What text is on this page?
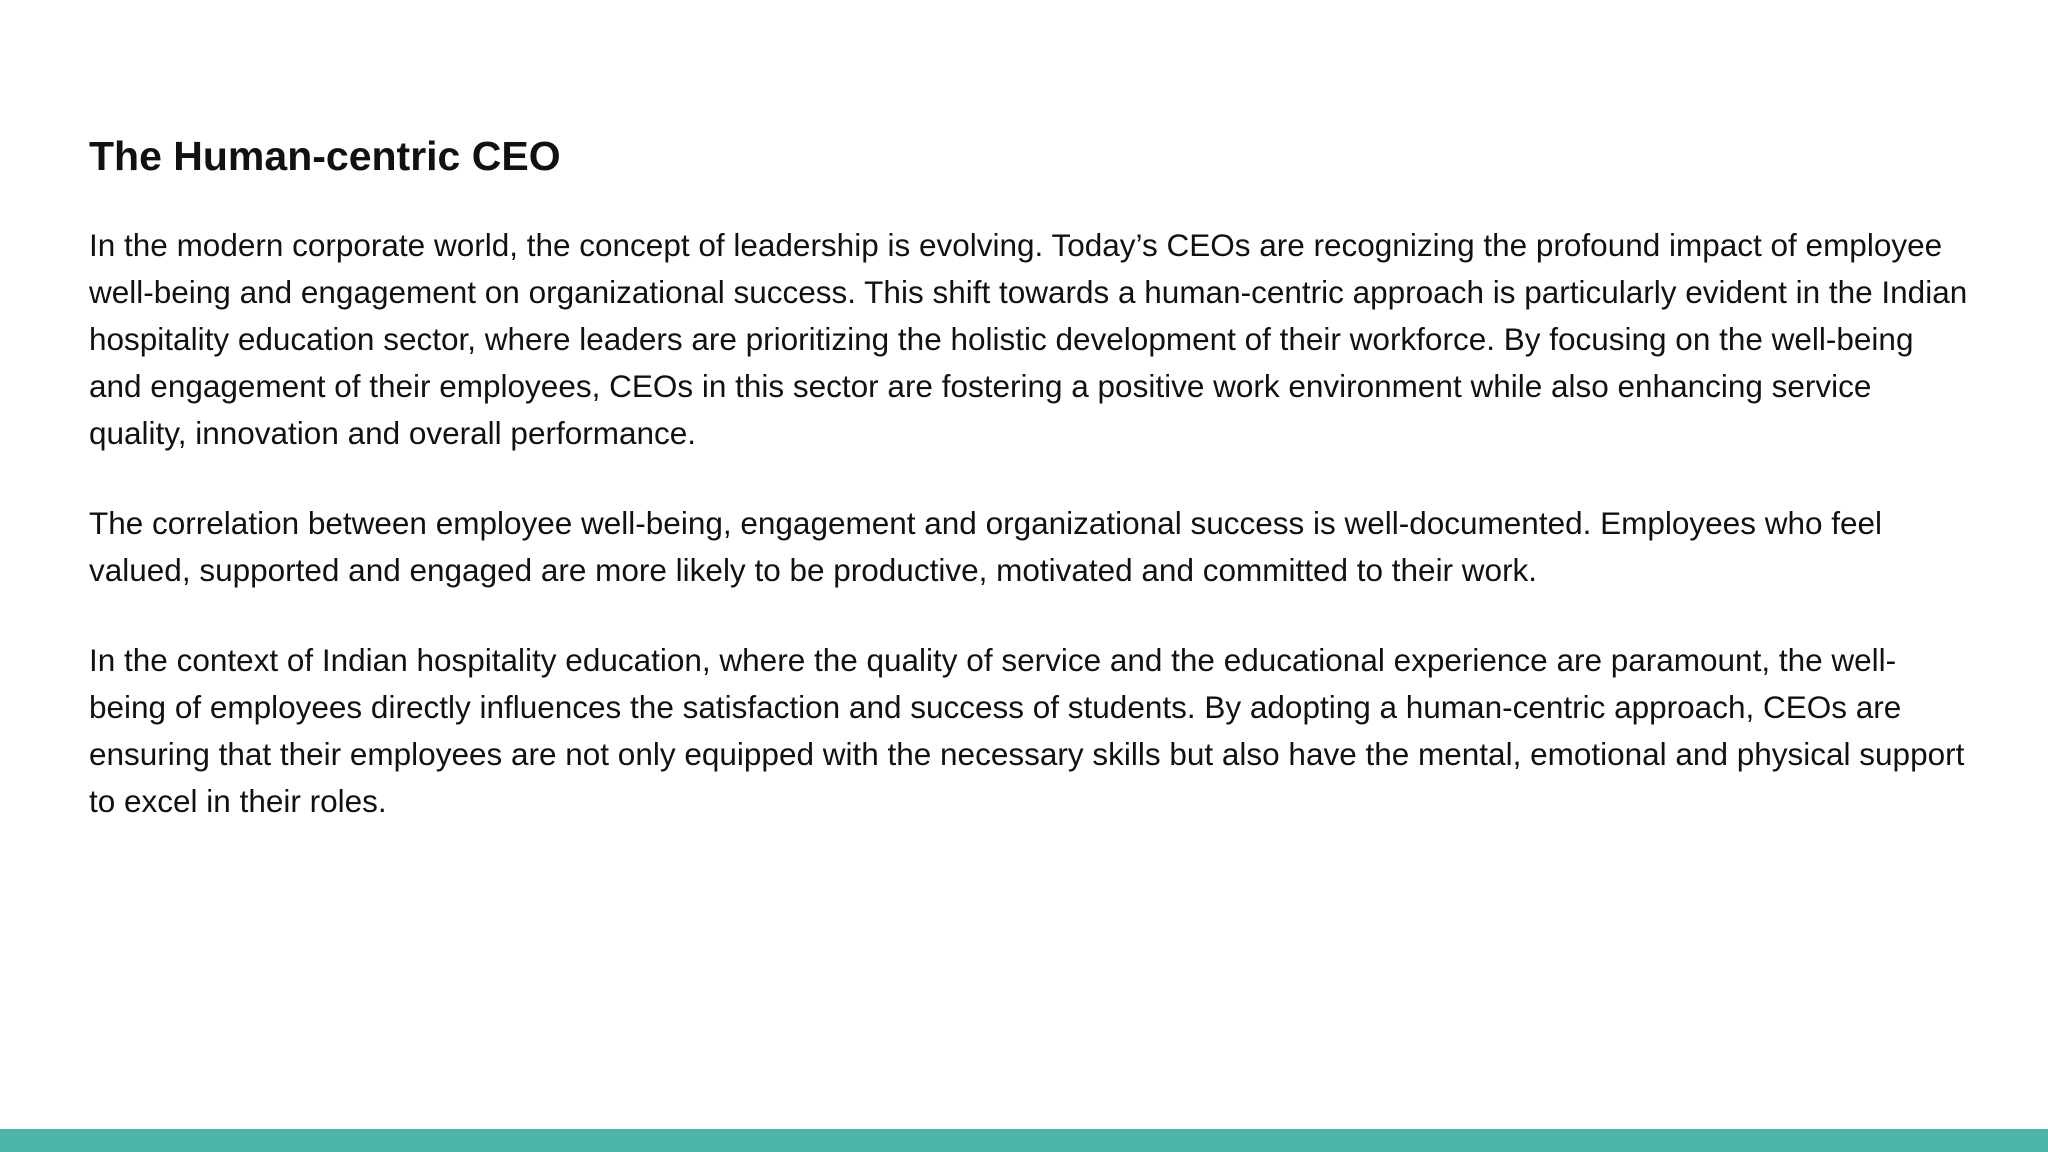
The Human-centric CEO

In the modern corporate world, the concept of leadership is evolving. Today’s CEOs are recognizing the profound impact of employee well-being and engagement on organizational success. This shift towards a human-centric approach is particularly evident in the Indian hospitality education sector, where leaders are prioritizing the holistic development of their workforce. By focusing on the well-being and engagement of their employees, CEOs in this sector are fostering a positive work environment while also enhancing service quality, innovation and overall performance.

The correlation between employee well-being, engagement and organizational success is well-documented. Employees who feel valued, supported and engaged are more likely to be productive, motivated and committed to their work.

In the context of Indian hospitality education, where the quality of service and the educational experience are paramount, the well-being of employees directly influences the satisfaction and success of students. By adopting a human-centric approach, CEOs are ensuring that their employees are not only equipped with the necessary skills but also have the mental, emotional and physical support to excel in their roles.
